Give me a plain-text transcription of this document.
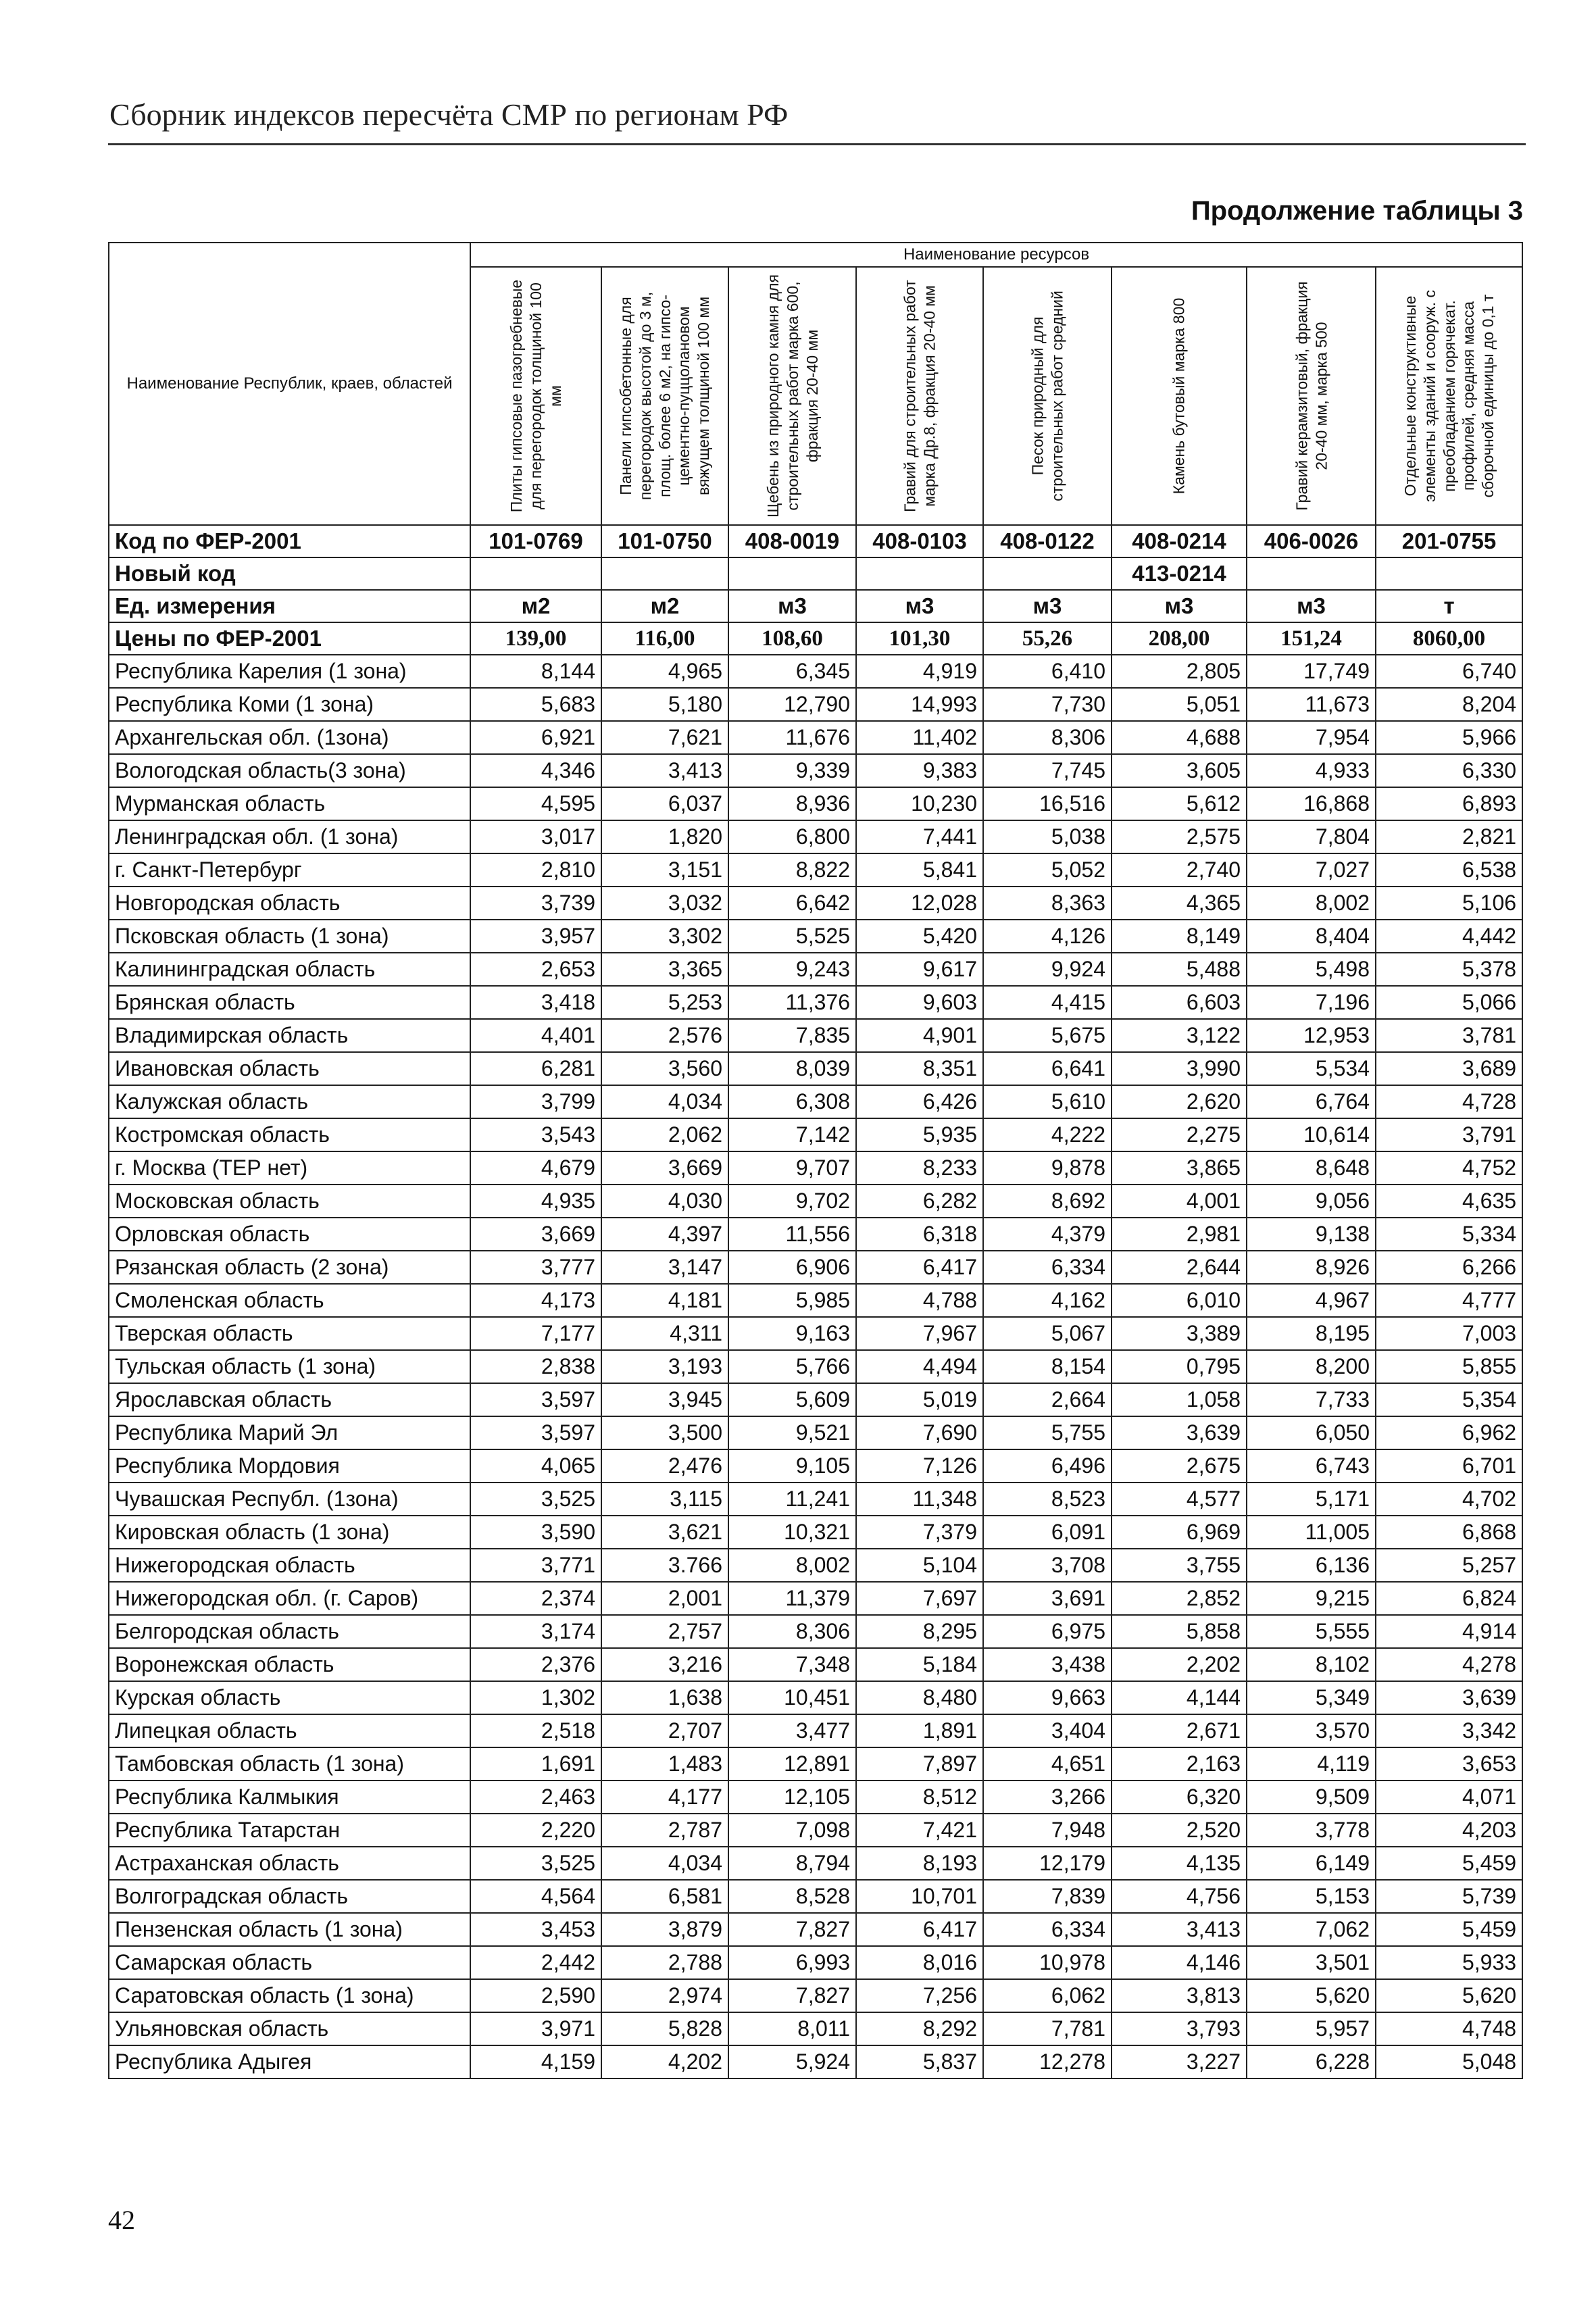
Сборник индексов пересчёта СМР по регионам РФ
Продолжение таблицы 3
Наименование Республик, краев, областей	Наименование ресурсов							

	Плиты гипсовые пазогребневые для перегородок толщиной 100 мм	Панели гипсобетонные для перегородок высотой до 3 м, площ. более 6 м2, на гипсо-цементно-пуццолановом вяжущем толщиной 100 мм	Щебень из природного камня для строительных работ марка 600, фракция 20-40 мм	Гравий для строительных работ марка Др.8, фракция 20-40 мм	Песок природный для строительных работ средний	Камень бутовый марка 800	Гравий керамзитовый, фракция 20-40 мм, марка 500	Отдельные конструктивные элементы зданий и сооруж. с преобладанием горячекат. профилей, средняя масса сборочной единицы до 0,1 т

Код по ФЕР-2001	101-0769	101-0750	408-0019	408-0103	408-0122	408-0214	406-0026	201-0755
Новый код						413-0214		
Ед. измерения	м2	м2	м3	м3	м3	м3	м3	т
Цены по ФЕР-2001	139,00	116,00	108,60	101,30	55,26	208,00	151,24	8060,00
Республика Карелия (1 зона)	8,144	4,965	6,345	4,919	6,410	2,805	17,749	6,740
Республика Коми (1 зона)	5,683	5,180	12,790	14,993	7,730	5,051	11,673	8,204
Архангельская обл. (1зона)	6,921	7,621	11,676	11,402	8,306	4,688	7,954	5,966
Вологодская область(3 зона)	4,346	3,413	9,339	9,383	7,745	3,605	4,933	6,330
Мурманская область	4,595	6,037	8,936	10,230	16,516	5,612	16,868	6,893
Ленинградская обл. (1 зона)	3,017	1,820	6,800	7,441	5,038	2,575	7,804	2,821
г. Санкт-Петербург	2,810	3,151	8,822	5,841	5,052	2,740	7,027	6,538
Новгородская область	3,739	3,032	6,642	12,028	8,363	4,365	8,002	5,106
Псковская область (1 зона)	3,957	3,302	5,525	5,420	4,126	8,149	8,404	4,442
Калининградская область	2,653	3,365	9,243	9,617	9,924	5,488	5,498	5,378
Брянская область	3,418	5,253	11,376	9,603	4,415	6,603	7,196	5,066
Владимирская область	4,401	2,576	7,835	4,901	5,675	3,122	12,953	3,781
Ивановская область	6,281	3,560	8,039	8,351	6,641	3,990	5,534	3,689
Калужская область	3,799	4,034	6,308	6,426	5,610	2,620	6,764	4,728
Костромская область	3,543	2,062	7,142	5,935	4,222	2,275	10,614	3,791
г. Москва (ТЕР нет)	4,679	3,669	9,707	8,233	9,878	3,865	8,648	4,752
Московская область	4,935	4,030	9,702	6,282	8,692	4,001	9,056	4,635
Орловская область	3,669	4,397	11,556	6,318	4,379	2,981	9,138	5,334
Рязанская область (2 зона)	3,777	3,147	6,906	6,417	6,334	2,644	8,926	6,266
Смоленская область	4,173	4,181	5,985	4,788	4,162	6,010	4,967	4,777
Тверская область	7,177	4,311	9,163	7,967	5,067	3,389	8,195	7,003
Тульская область (1 зона)	2,838	3,193	5,766	4,494	8,154	0,795	8,200	5,855
Ярославская область	3,597	3,945	5,609	5,019	2,664	1,058	7,733	5,354
Республика Марий Эл	3,597	3,500	9,521	7,690	5,755	3,639	6,050	6,962
Республика Мордовия	4,065	2,476	9,105	7,126	6,496	2,675	6,743	6,701
Чувашская Республ. (1зона)	3,525	3,115	11,241	11,348	8,523	4,577	5,171	4,702
Кировская область (1 зона)	3,590	3,621	10,321	7,379	6,091	6,969	11,005	6,868
Нижегородская область	3,771	3.766	8,002	5,104	3,708	3,755	6,136	5,257
Нижегородская обл. (г. Саров)	2,374	2,001	11,379	7,697	3,691	2,852	9,215	6,824
Белгородская область	3,174	2,757	8,306	8,295	6,975	5,858	5,555	4,914
Воронежская область	2,376	3,216	7,348	5,184	3,438	2,202	8,102	4,278
Курская область	1,302	1,638	10,451	8,480	9,663	4,144	5,349	3,639
Липецкая область	2,518	2,707	3,477	1,891	3,404	2,671	3,570	3,342
Тамбовская область (1 зона)	1,691	1,483	12,891	7,897	4,651	2,163	4,119	3,653
Республика Калмыкия	2,463	4,177	12,105	8,512	3,266	6,320	9,509	4,071
Республика Татарстан	2,220	2,787	7,098	7,421	7,948	2,520	3,778	4,203
Астраханская область	3,525	4,034	8,794	8,193	12,179	4,135	6,149	5,459
Волгоградская область	4,564	6,581	8,528	10,701	7,839	4,756	5,153	5,739
Пензенская область (1 зона)	3,453	3,879	7,827	6,417	6,334	3,413	7,062	5,459
Самарская область	2,442	2,788	6,993	8,016	10,978	4,146	3,501	5,933
Саратовская область (1 зона)	2,590	2,974	7,827	7,256	6,062	3,813	5,620	5,620
Ульяновская область	3,971	5,828	8,011	8,292	7,781	3,793	5,957	4,748
Республика Адыгея	4,159	4,202	5,924	5,837	12,278	3,227	6,228	5,048
42
